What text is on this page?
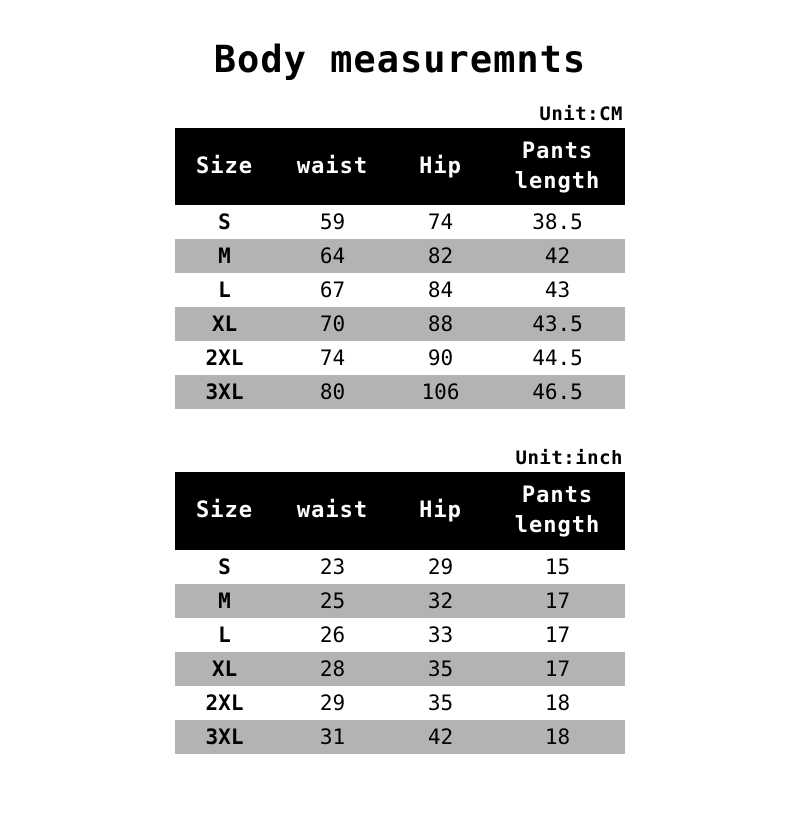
Body measuremnts
Unit:CM
Size	waist	Hip	Pants length
S	59	74	38.5
M	64	82	42
L	67	84	43
XL	70	88	43.5
2XL	74	90	44.5
3XL	80	106	46.5
Unit:inch
Size	waist	Hip	Pants length
S	23	29	15
M	25	32	17
L	26	33	17
XL	28	35	17
2XL	29	35	18
3XL	31	42	18
